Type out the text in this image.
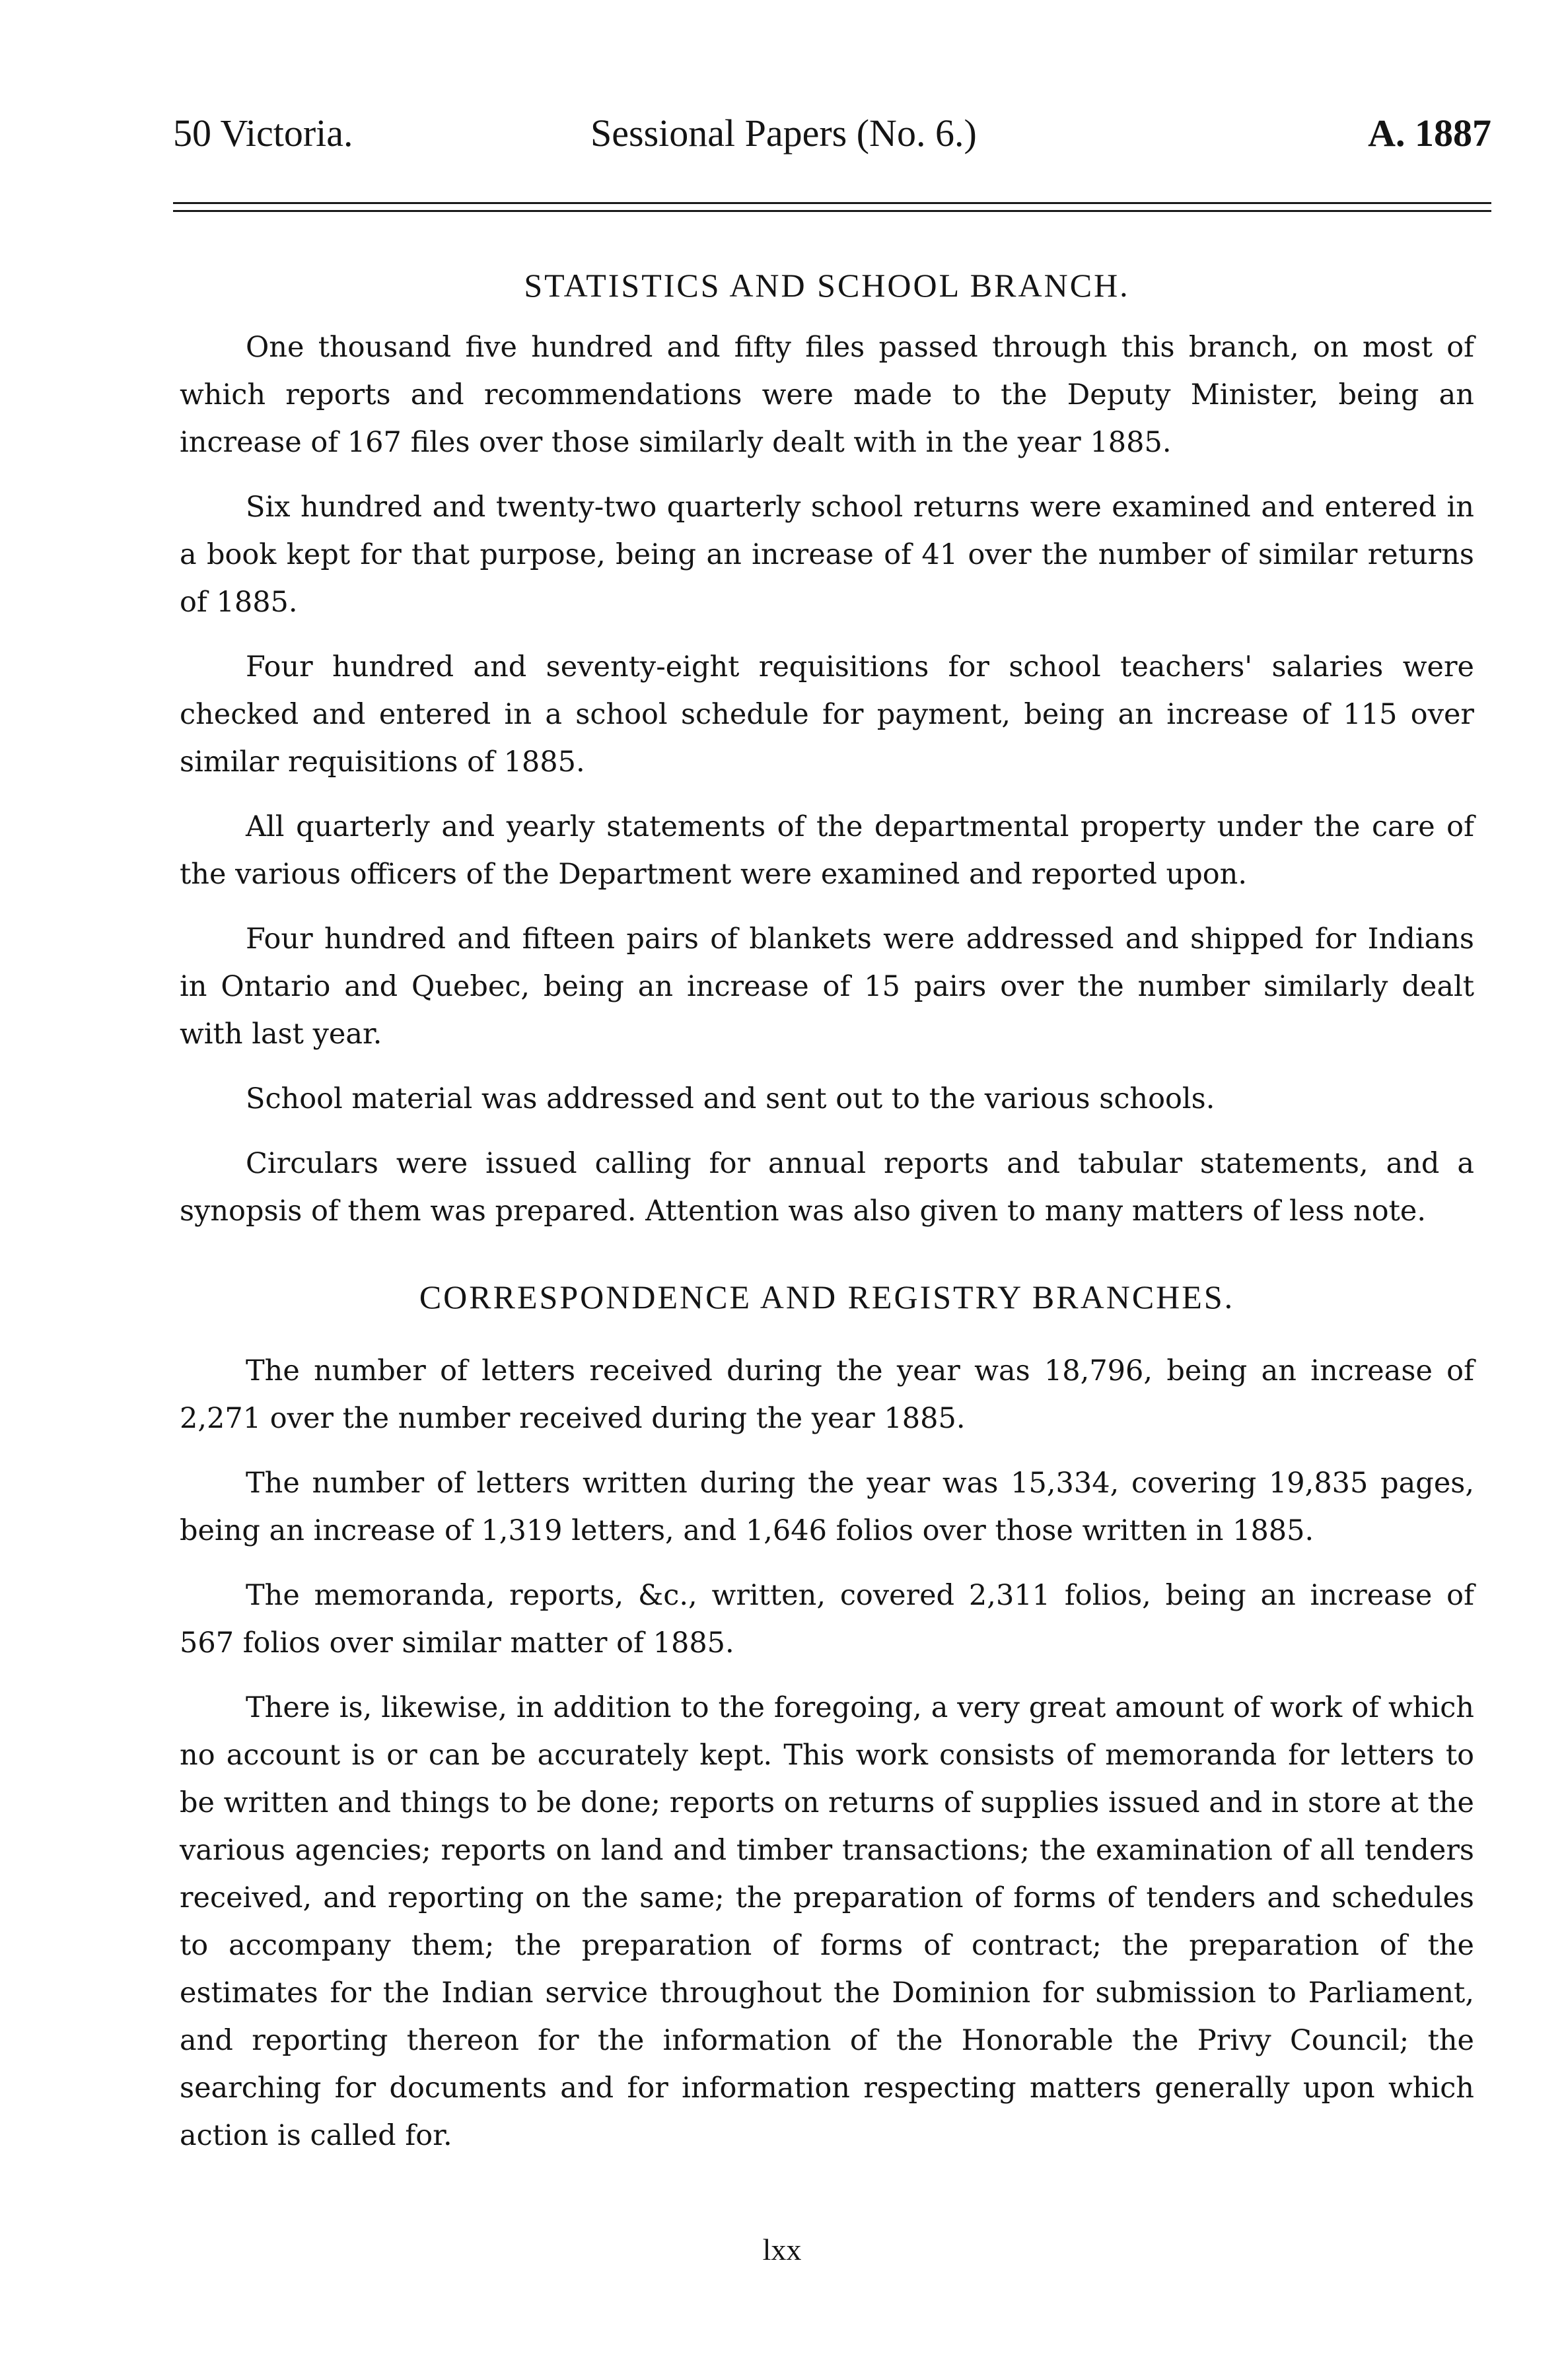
50 Victoria.	Sessional Papers (No. 6.)	A. 1887
STATISTICS AND SCHOOL BRANCH.

One thousand five hundred and fifty files passed through this branch, on most of which reports and recommendations were made to the Deputy Minister, being an increase of 167 files over those similarly dealt with in the year 1885.

Six hundred and twenty-two quarterly school returns were examined and entered in a book kept for that purpose, being an increase of 41 over the number of similar returns of 1885.

Four hundred and seventy-eight requisitions for school teachers' salaries were checked and entered in a school schedule for payment, being an increase of 115 over similar requisitions of 1885.

All quarterly and yearly statements of the departmental property under the care of the various officers of the Department were examined and reported upon.

Four hundred and fifteen pairs of blankets were addressed and shipped for Indians in Ontario and Quebec, being an increase of 15 pairs over the number similarly dealt with last year.

School material was addressed and sent out to the various schools.

Circulars were issued calling for annual reports and tabular statements, and a synopsis of them was prepared. Attention was also given to many matters of less note.

CORRESPONDENCE AND REGISTRY BRANCHES.

The number of letters received during the year was 18,796, being an increase of 2,271 over the number received during the year 1885.

The number of letters written during the year was 15,334, covering 19,835 pages, being an increase of 1,319 letters, and 1,646 folios over those written in 1885.

The memoranda, reports, &c., written, covered 2,311 folios, being an increase of 567 folios over similar matter of 1885.

There is, likewise, in addition to the foregoing, a very great amount of work of which no account is or can be accurately kept. This work consists of memoranda for letters to be written and things to be done; reports on returns of supplies issued and in store at the various agencies; reports on land and timber transactions; the examination of all tenders received, and reporting on the same; the preparation of forms of tenders and schedules to accompany them; the preparation of forms of contract; the preparation of the estimates for the Indian service throughout the Dominion for submission to Parliament, and reporting thereon for the information of the Honorable the Privy Council; the searching for documents and for information respecting matters generally upon which action is called for.

lxx
